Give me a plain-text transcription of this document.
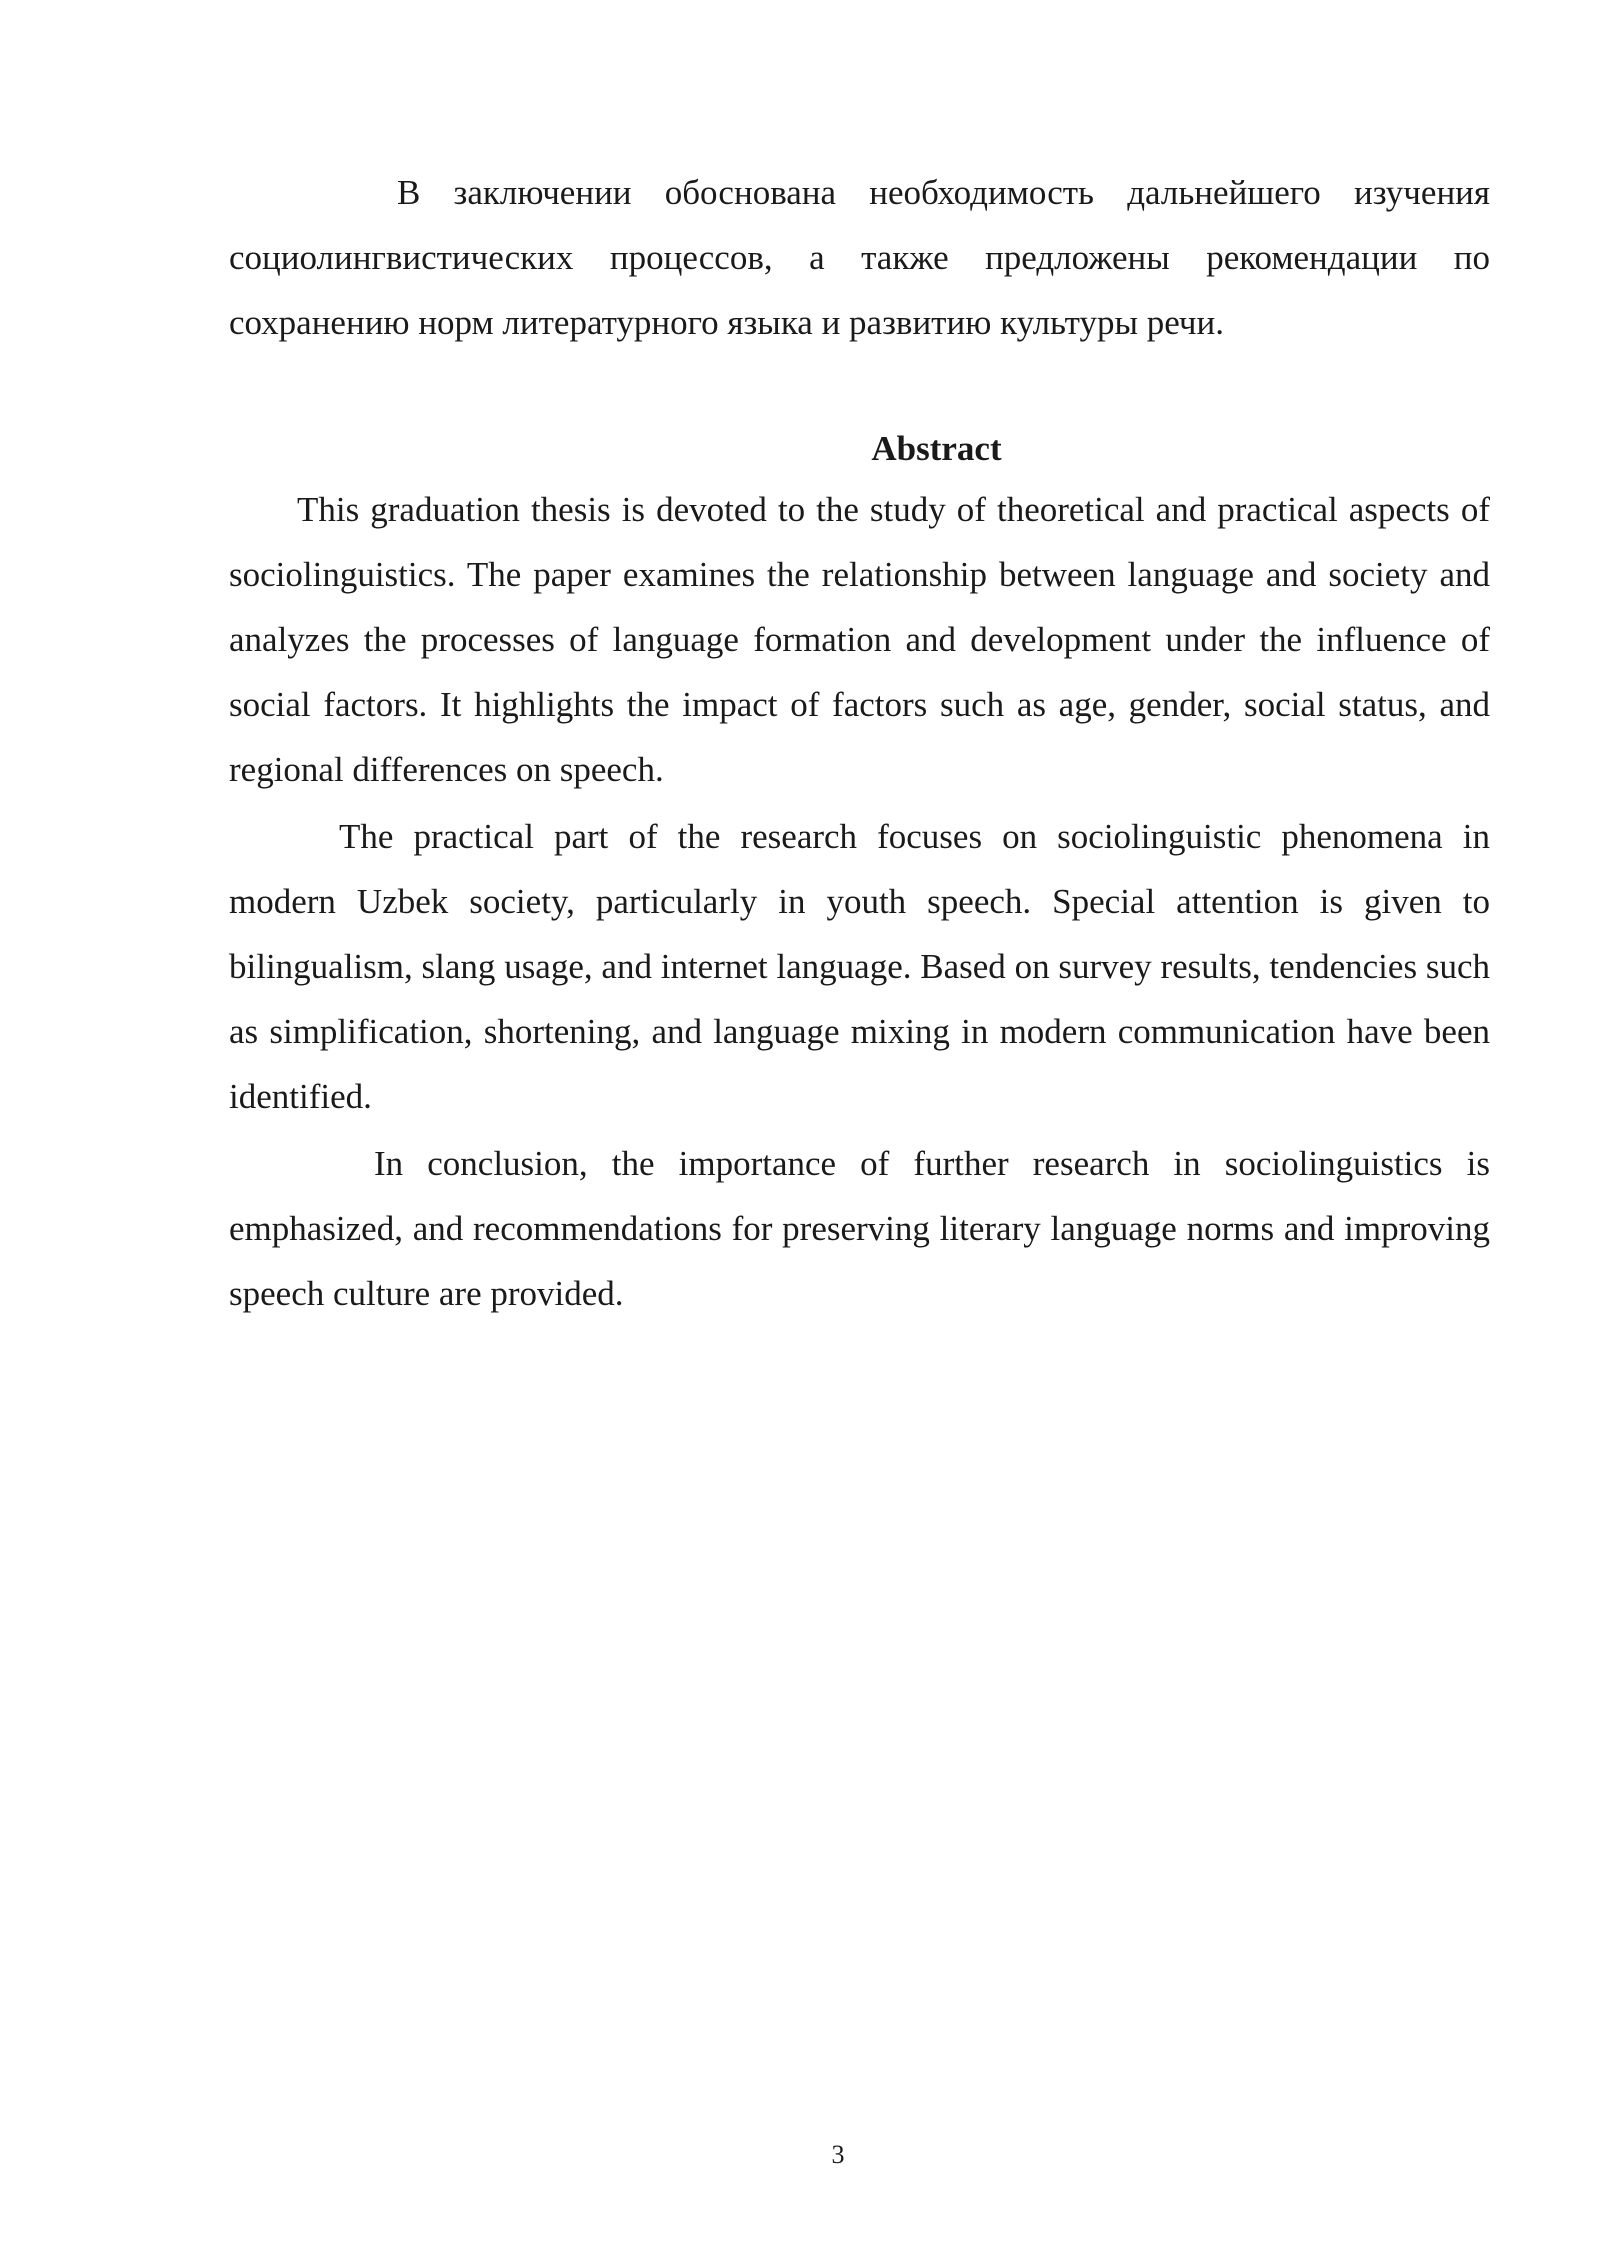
В заключении обоснована необходимость дальнейшего изучения социолингвистических процессов, а также предложены рекомендации по сохранению норм литературного языка и развитию культуры речи.

Abstract

This graduation thesis is devoted to the study of theoretical and practical aspects of sociolinguistics. The paper examines the relationship between language and society and analyzes the processes of language formation and development under the influence of social factors. It highlights the impact of factors such as age, gender, social status, and regional differences on speech.

The practical part of the research focuses on sociolinguistic phenomena in modern Uzbek society, particularly in youth speech. Special attention is given to bilingualism, slang usage, and internet language. Based on survey results, tendencies such as simplification, shortening, and language mixing in modern communication have been identified.

In conclusion, the importance of further research in sociolinguistics is emphasized, and recommendations for preserving literary language norms and improving speech culture are provided.

3
